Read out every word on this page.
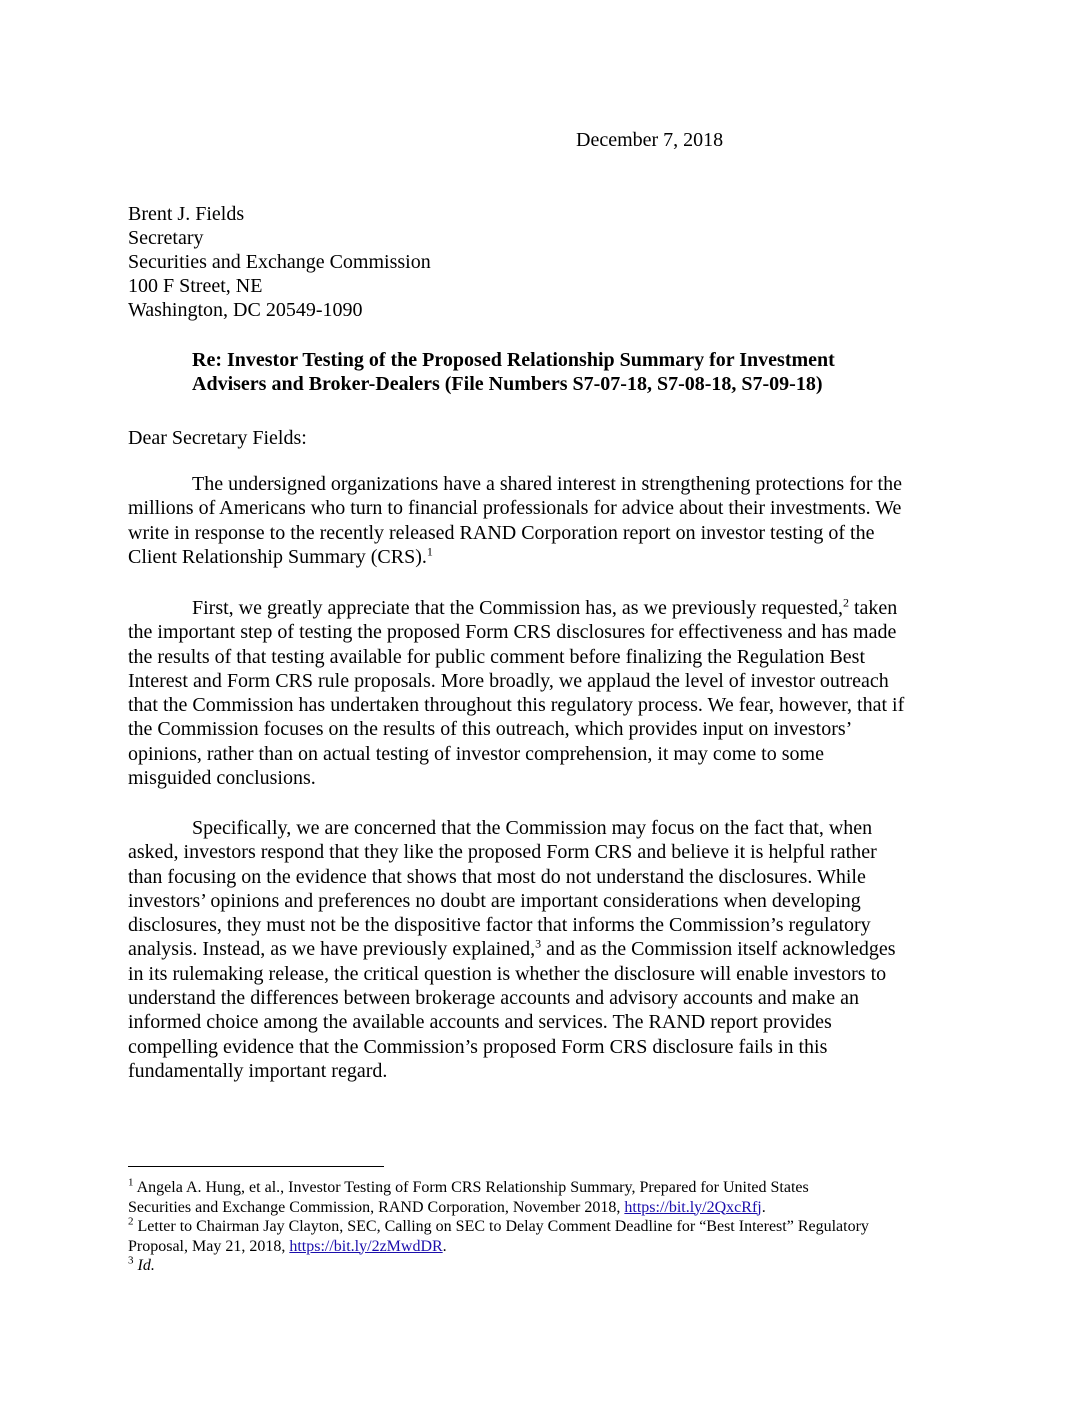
December 7, 2018
Brent J. Fields
Secretary
Securities and Exchange Commission
100 F Street, NE
Washington, DC 20549-1090
Re: Investor Testing of the Proposed Relationship Summary for Investment
Advisers and Broker-Dealers (File Numbers S7-07-18, S7-08-18, S7-09-18)
Dear Secretary Fields:
The undersigned organizations have a shared interest in strengthening protections for the
millions of Americans who turn to financial professionals for advice about their investments. We
write in response to the recently released RAND Corporation report on investor testing of the
Client Relationship Summary (CRS).$^1$
First, we greatly appreciate that the Commission has, as we previously requested,$^2$ taken
the important step of testing the proposed Form CRS disclosures for effectiveness and has made
the results of that testing available for public comment before finalizing the Regulation Best
Interest and Form CRS rule proposals. More broadly, we applaud the level of investor outreach
that the Commission has undertaken throughout this regulatory process. We fear, however, that if
the Commission focuses on the results of this outreach, which provides input on investors’
opinions, rather than on actual testing of investor comprehension, it may come to some
misguided conclusions.
Specifically, we are concerned that the Commission may focus on the fact that, when
asked, investors respond that they like the proposed Form CRS and believe it is helpful rather
than focusing on the evidence that shows that most do not understand the disclosures. While
investors’ opinions and preferences no doubt are important considerations when developing
disclosures, they must not be the dispositive factor that informs the Commission’s regulatory
analysis. Instead, as we have previously explained,$^3$ and as the Commission itself acknowledges
in its rulemaking release, the critical question is whether the disclosure will enable investors to
understand the differences between brokerage accounts and advisory accounts and make an
informed choice among the available accounts and services. The RAND report provides
compelling evidence that the Commission’s proposed Form CRS disclosure fails in this
fundamentally important regard.
$^1$ Angela A. Hung, et al., Investor Testing of Form CRS Relationship Summary, Prepared for United States
Securities and Exchange Commission, RAND Corporation, November 2018, https://bit.ly/2QxcRfj.
$^2$ Letter to Chairman Jay Clayton, SEC, Calling on SEC to Delay Comment Deadline for “Best Interest” Regulatory
Proposal, May 21, 2018, https://bit.ly/2zMwdDR.
$^3$ Id.
